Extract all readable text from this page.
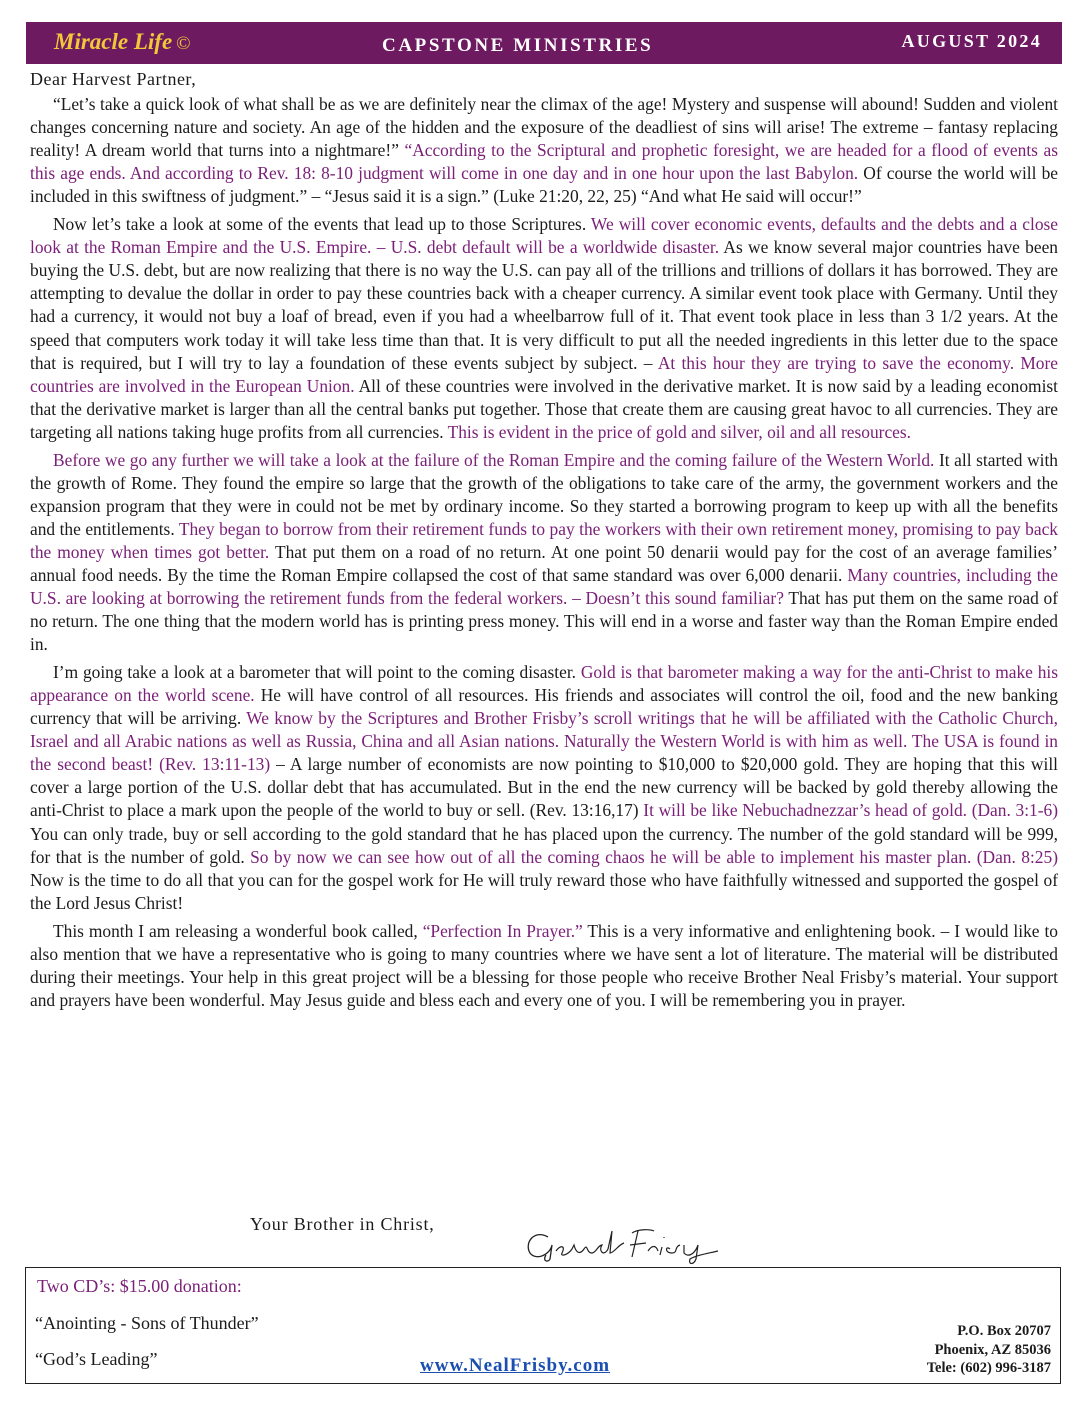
Miracle Life ©	CAPSTONE MINISTRIES	AUGUST 2024
Dear Harvest Partner,

“Let’s take a quick look of what shall be as we are definitely near the climax of the age! Mystery and suspense will abound! Sudden and violent changes concerning nature and society. An age of the hidden and the exposure of the deadliest of sins will arise! The extreme – fantasy replacing reality! A dream world that turns into a nightmare!” “According to the Scriptural and prophetic foresight, we are headed for a flood of events as this age ends. And according to Rev. 18: 8-10 judgment will come in one day and in one hour upon the last Babylon. Of course the world will be included in this swiftness of judgment.” – “Jesus said it is a sign.” (Luke 21:20, 22, 25) “And what He said will occur!”

Now let’s take a look at some of the events that lead up to those Scriptures. We will cover economic events, defaults and the debts and a close look at the Roman Empire and the U.S. Empire. – U.S. debt default will be a worldwide disaster. As we know several major countries have been buying the U.S. debt, but are now realizing that there is no way the U.S. can pay all of the trillions and trillions of dollars it has borrowed. They are attempting to devalue the dollar in order to pay these countries back with a cheaper currency. A similar event took place with Germany. Until they had a currency, it would not buy a loaf of bread, even if you had a wheelbarrow full of it. That event took place in less than 3 1/2 years. At the speed that computers work today it will take less time than that. It is very difficult to put all the needed ingredients in this letter due to the space that is required, but I will try to lay a foundation of these events subject by subject. – At this hour they are trying to save the economy. More countries are involved in the European Union. All of these countries were involved in the derivative market. It is now said by a leading economist that the derivative market is larger than all the central banks put together. Those that create them are causing great havoc to all currencies. They are targeting all nations taking huge profits from all currencies. This is evident in the price of gold and silver, oil and all resources.

Before we go any further we will take a look at the failure of the Roman Empire and the coming failure of the Western World. It all started with the growth of Rome. They found the empire so large that the growth of the obligations to take care of the army, the government workers and the expansion program that they were in could not be met by ordinary income. So they started a borrowing program to keep up with all the benefits and the entitlements. They began to borrow from their retirement funds to pay the workers with their own retirement money, promising to pay back the money when times got better. That put them on a road of no return. At one point 50 denarii would pay for the cost of an average families’ annual food needs. By the time the Roman Empire collapsed the cost of that same standard was over 6,000 denarii. Many countries, including the U.S. are looking at borrowing the retirement funds from the federal workers. – Doesn’t this sound familiar? That has put them on the same road of no return. The one thing that the modern world has is printing press money. This will end in a worse and faster way than the Roman Empire ended in.

I’m going take a look at a barometer that will point to the coming disaster. Gold is that barometer making a way for the anti-Christ to make his appearance on the world scene. He will have control of all resources. His friends and associates will control the oil, food and the new banking currency that will be arriving. We know by the Scriptures and Brother Frisby’s scroll writings that he will be affiliated with the Catholic Church, Israel and all Arabic nations as well as Russia, China and all Asian nations. Naturally the Western World is with him as well. The USA is found in the second beast! (Rev. 13:11-13) – A large number of economists are now pointing to $10,000 to $20,000 gold. They are hoping that this will cover a large portion of the U.S. dollar debt that has accumulated. But in the end the new currency will be backed by gold thereby allowing the anti-Christ to place a mark upon the people of the world to buy or sell. (Rev. 13:16,17) It will be like Nebuchadnezzar’s head of gold. (Dan. 3:1-6) You can only trade, buy or sell according to the gold standard that he has placed upon the currency. The number of the gold standard will be 999, for that is the number of gold. So by now we can see how out of all the coming chaos he will be able to implement his master plan. (Dan. 8:25) Now is the time to do all that you can for the gospel work for He will truly reward those who have faithfully witnessed and supported the gospel of the Lord Jesus Christ!

This month I am releasing a wonderful book called, “Perfection In Prayer.” This is a very informative and enlightening book. – I would like to also mention that we have a representative who is going to many countries where we have sent a lot of literature. The material will be distributed during their meetings. Your help in this great project will be a blessing for those people who receive Brother Neal Frisby’s material. Your support and prayers have been wonderful. May Jesus guide and bless each and every one of you. I will be remembering you in prayer.

Your Brother in Christ,
Two CD’s: $15.00 donation:
“Anointing - Sons of Thunder”
“God’s Leading”	www.NealFrisby.com
P.O. Box 20707
Phoenix, AZ 85036
Tele: (602) 996-3187
